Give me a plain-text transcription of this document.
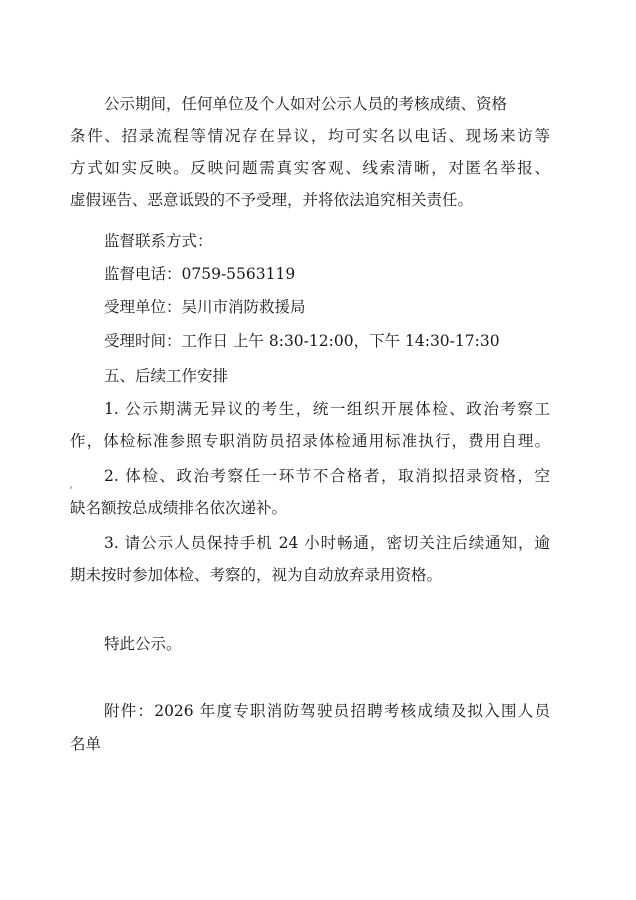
公示期间，任何单位及个人如对公示人员的考核成绩、资格
条件、招录流程等情况存在异议，均可实名以电话、现场来访等
方式如实反映。反映问题需真实客观、线索清晰，对匿名举报、
虚假诬告、恶意诋毁的不予受理，并将依法追究相关责任。
监督联系方式：
监督电话：0759-5563119
受理单位：吴川市消防救援局
受理时间：工作日 上午 8:30-12:00，下午 14:30-17:30
五、后续工作安排
1. 公示期满无异议的考生，统一组织开展体检、政治考察工
作，体检标准参照专职消防员招录体检通用标准执行，费用自理。
2. 体检、政治考察任一环节不合格者，取消拟招录资格，空
缺名额按总成绩排名依次递补。
3. 请公示人员保持手机 24 小时畅通，密切关注后续通知，逾
期未按时参加体检、考察的，视为自动放弃录用资格。
特此公示。
附件：2026 年度专职消防驾驶员招聘考核成绩及拟入围人员
名单
